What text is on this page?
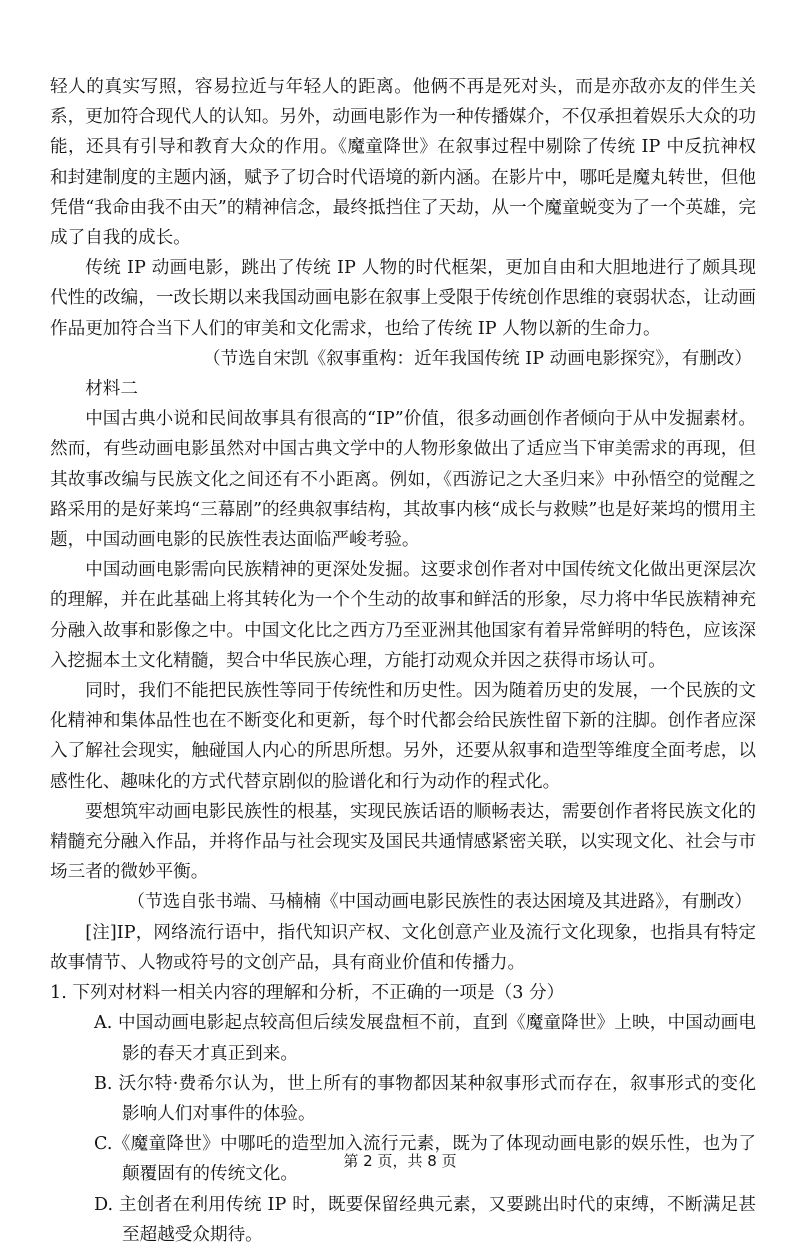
轻人的真实写照，容易拉近与年轻人的距离。他俩不再是死对头，而是亦敌亦友的伴生关系，更加符合现代人的认知。另外，动画电影作为一种传播媒介，不仅承担着娱乐大众的功能，还具有引导和教育大众的作用。《魔童降世》在叙事过程中剔除了传统 IP 中反抗神权和封建制度的主题内涵，赋予了切合时代语境的新内涵。在影片中，哪吒是魔丸转世，但他凭借“我命由我不由天”的精神信念，最终抵挡住了天劫，从一个魔童蜕变为了一个英雄，完成了自我的成长。

传统 IP 动画电影，跳出了传统 IP 人物的时代框架，更加自由和大胆地进行了颇具现代性的改编，一改长期以来我国动画电影在叙事上受限于传统创作思维的衰弱状态，让动画作品更加符合当下人们的审美和文化需求，也给了传统 IP 人物以新的生命力。

（节选自宋凯《叙事重构：近年我国传统 IP 动画电影探究》，有删改）

材料二

中国古典小说和民间故事具有很高的“IP”价值，很多动画创作者倾向于从中发掘素材。然而，有些动画电影虽然对中国古典文学中的人物形象做出了适应当下审美需求的再现，但其故事改编与民族文化之间还有不小距离。例如，《西游记之大圣归来》中孙悟空的觉醒之路采用的是好莱坞“三幕剧”的经典叙事结构，其故事内核“成长与救赎”也是好莱坞的惯用主题，中国动画电影的民族性表达面临严峻考验。

中国动画电影需向民族精神的更深处发掘。这要求创作者对中国传统文化做出更深层次的理解，并在此基础上将其转化为一个个生动的故事和鲜活的形象，尽力将中华民族精神充分融入故事和影像之中。中国文化比之西方乃至亚洲其他国家有着异常鲜明的特色，应该深入挖掘本土文化精髓，契合中华民族心理，方能打动观众并因之获得市场认可。

同时，我们不能把民族性等同于传统性和历史性。因为随着历史的发展，一个民族的文化精神和集体品性也在不断变化和更新，每个时代都会给民族性留下新的注脚。创作者应深入了解社会现实，触碰国人内心的所思所想。另外，还要从叙事和造型等维度全面考虑，以感性化、趣味化的方式代替京剧似的脸谱化和行为动作的程式化。

要想筑牢动画电影民族性的根基，实现民族话语的顺畅表达，需要创作者将民族文化的精髓充分融入作品，并将作品与社会现实及国民共通情感紧密关联，以实现文化、社会与市场三者的微妙平衡。

（节选自张书端、马楠楠《中国动画电影民族性的表达困境及其进路》，有删改）

[注]IP，网络流行语中，指代知识产权、文化创意产业及流行文化现象，也指具有特定故事情节、人物或符号的文创产品，具有商业价值和传播力。

1. 下列对材料一相关内容的理解和分析，不正确的一项是（3 分）

A. 中国动画电影起点较高但后续发展盘桓不前，直到《魔童降世》上映，中国动画电影的春天才真正到来。

B. 沃尔特·费希尔认为，世上所有的事物都因某种叙事形式而存在，叙事形式的变化影响人们对事件的体验。

C.《魔童降世》中哪吒的造型加入流行元素，既为了体现动画电影的娱乐性，也为了颠覆固有的传统文化。

D. 主创者在利用传统 IP 时，既要保留经典元素，又要跳出时代的束缚，不断满足甚至超越受众期待。

第 2 页，共 8 页
